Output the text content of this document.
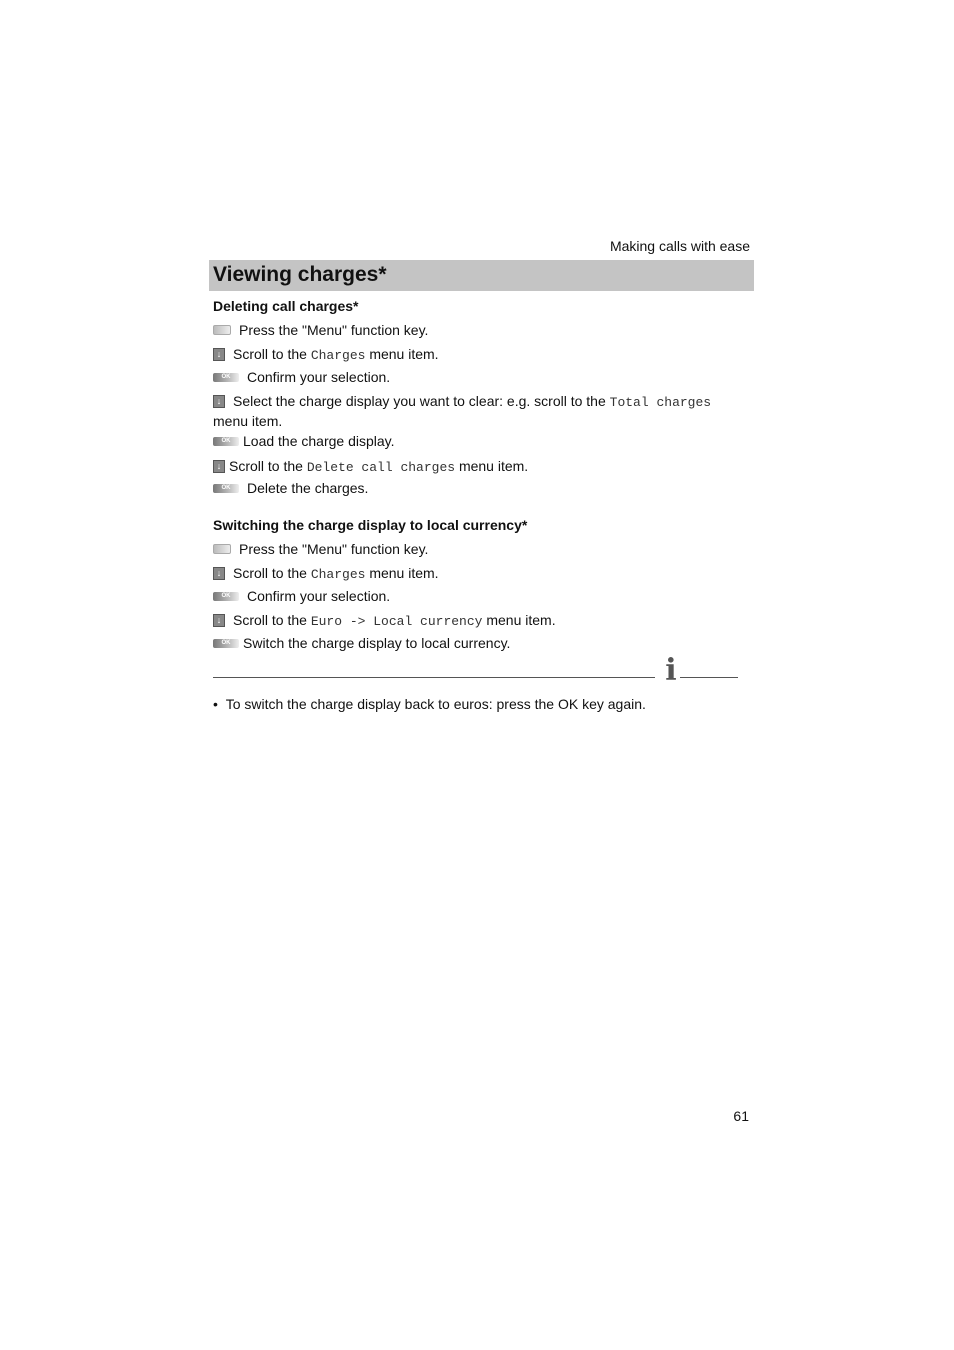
Making calls with ease
Viewing charges*
Deleting call charges*
Press the "Menu" function key.
↓ Scroll to the Charges menu item.
OK Confirm your selection.
↓ Select the charge display you want to clear: e.g. scroll to the Total charges menu item.
OK Load the charge display.
↓ Scroll to the Delete call charges menu item.
OK Delete the charges.
Switching the charge display to local currency*
Press the "Menu" function key.
↓ Scroll to the Charges menu item.
OK Confirm your selection.
↓ Scroll to the Euro -> Local currency menu item.
OK Switch the charge display to local currency.
i
•  To switch the charge display back to euros: press the OK key again.
61
